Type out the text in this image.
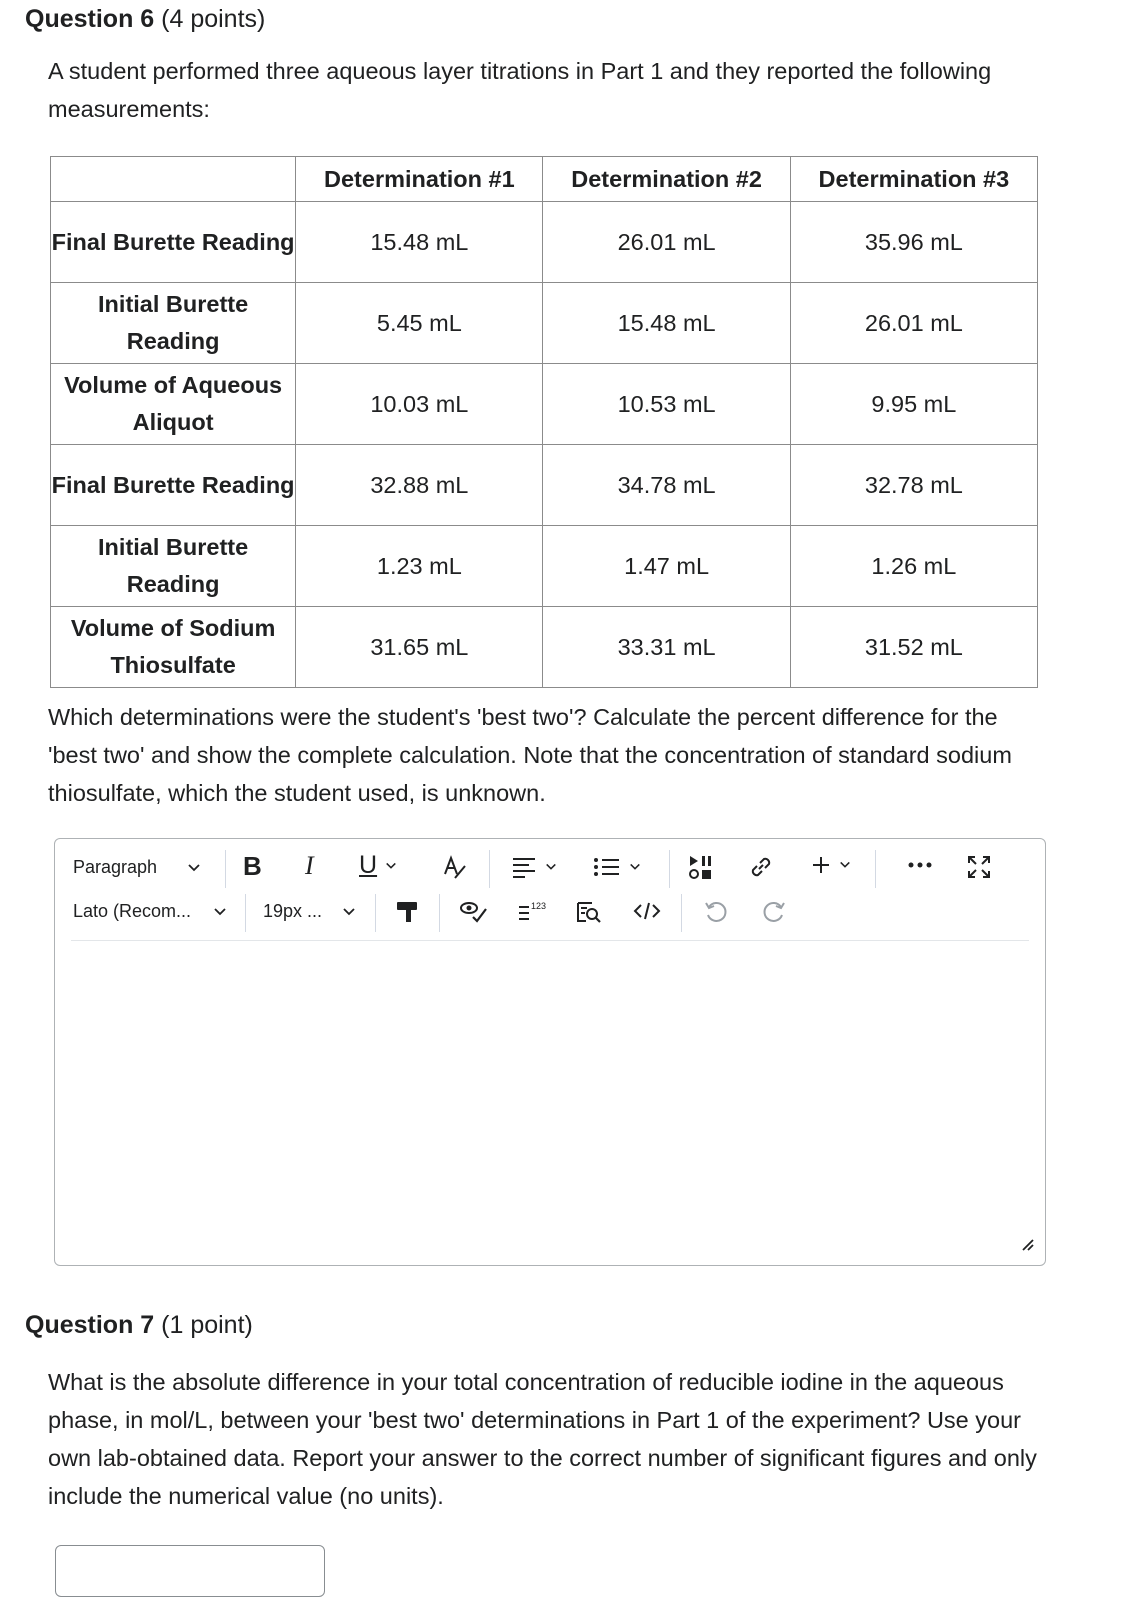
Question 6 (4 points)
A student performed three aqueous layer titrations in Part 1 and they reported the following measurements:
	Determination #1	Determination #2	Determination #3
Final Burette Reading	15.48 mL	26.01 mL	35.96 mL
Initial Burette Reading	5.45 mL	15.48 mL	26.01 mL
Volume of Aqueous Aliquot	10.03 mL	10.53 mL	9.95 mL
Final Burette Reading	32.88 mL	34.78 mL	32.78 mL
Initial Burette Reading	1.23 mL	1.47 mL	1.26 mL
Volume of Sodium Thiosulfate	31.65 mL	33.31 mL	31.52 mL
Which determinations were the student's 'best two'? Calculate the percent difference for the 'best two' and show the complete calculation. Note that the concentration of standard sodium thiosulfate, which the student used, is unknown.
Paragraph	B I U
Lato (Recom...	19px ...	123
Question 7 (1 point)
What is the absolute difference in your total concentration of reducible iodine in the aqueous phase, in mol/L, between your 'best two' determinations in Part 1 of the experiment? Use your own lab-obtained data. Report your answer to the correct number of significant figures and only include the numerical value (no units).
